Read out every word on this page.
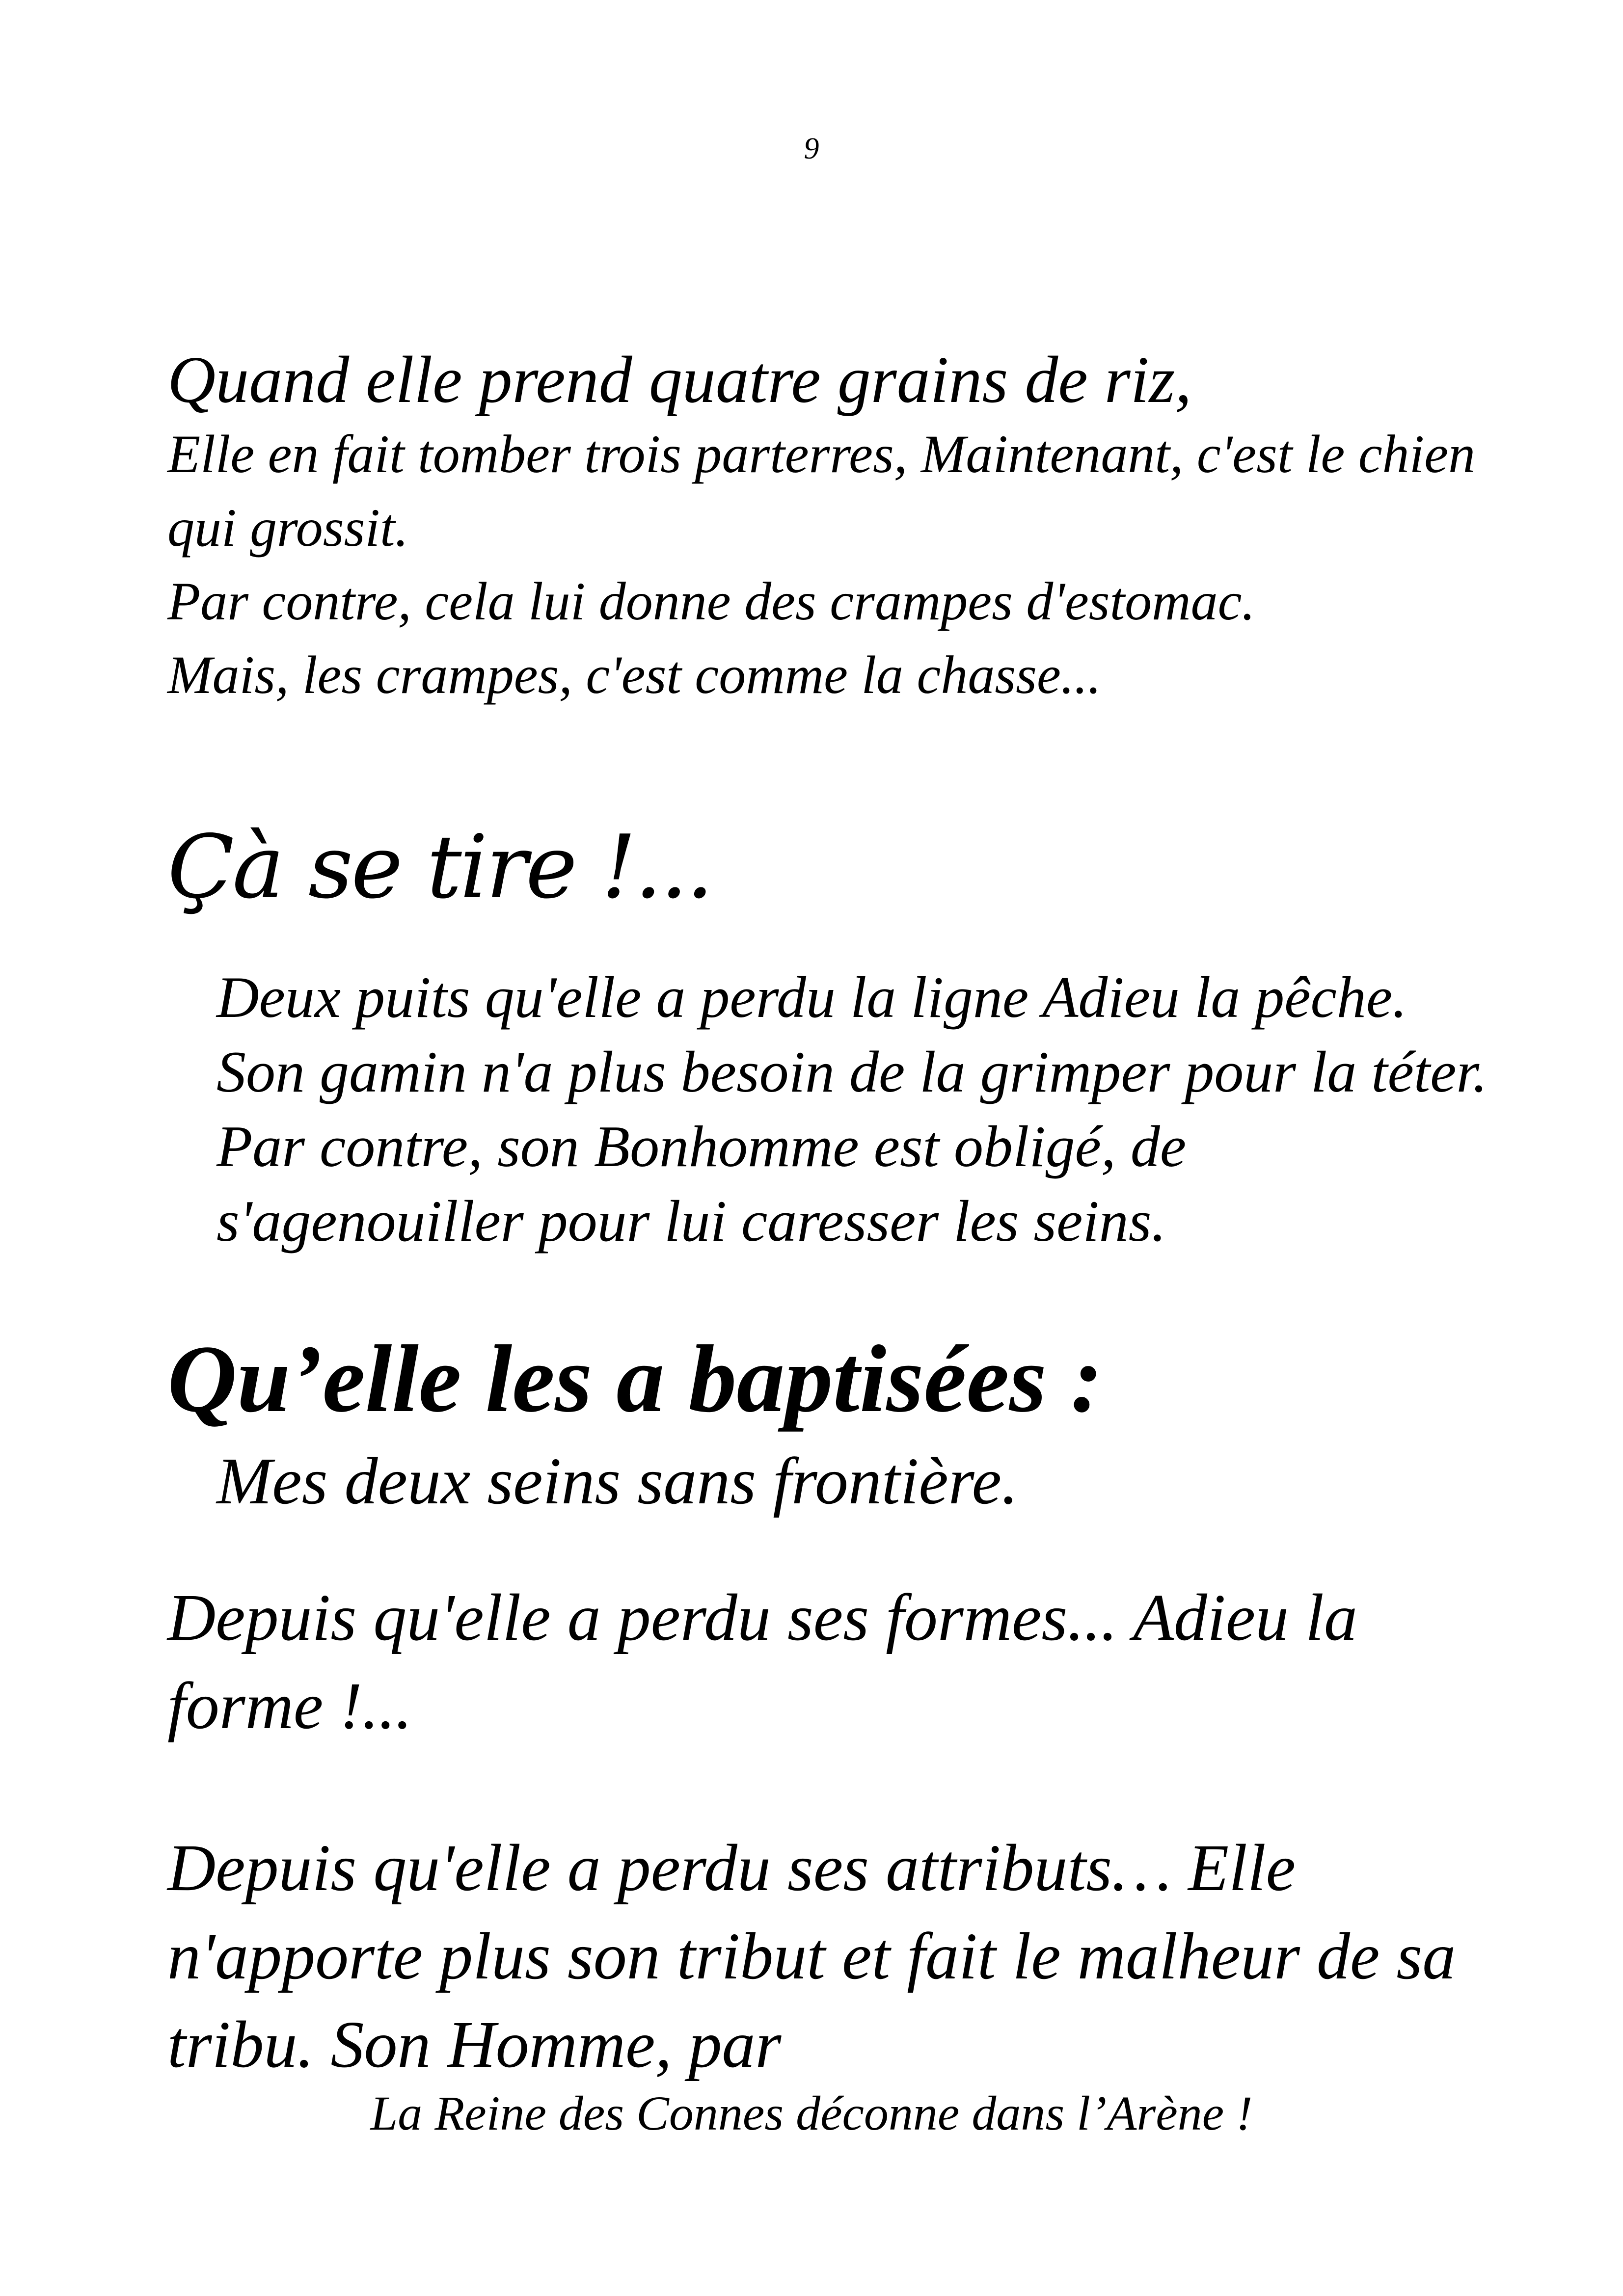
9

Quand elle prend quatre grains de riz,

Elle en fait tomber trois parterres, Maintenant, c'est le chien qui grossit.

Par contre, cela lui donne des crampes d'estomac.

Mais, les crampes, c'est comme la chasse...

Çà se tire !...

Deux puits qu'elle a perdu la ligne Adieu la pêche. Son gamin n'a plus besoin de la grimper pour la téter. Par contre, son Bonhomme est obligé, de s'agenouiller pour lui caresser les seins.

Qu’elle les a baptisées :

Mes deux seins sans frontière.

Depuis qu'elle a perdu ses formes... Adieu la forme !...

Depuis qu'elle a perdu ses attributs… Elle n'apporte plus son tribut et fait le malheur de sa tribu. Son Homme, par

La Reine des Connes déconne dans l’Arène !
